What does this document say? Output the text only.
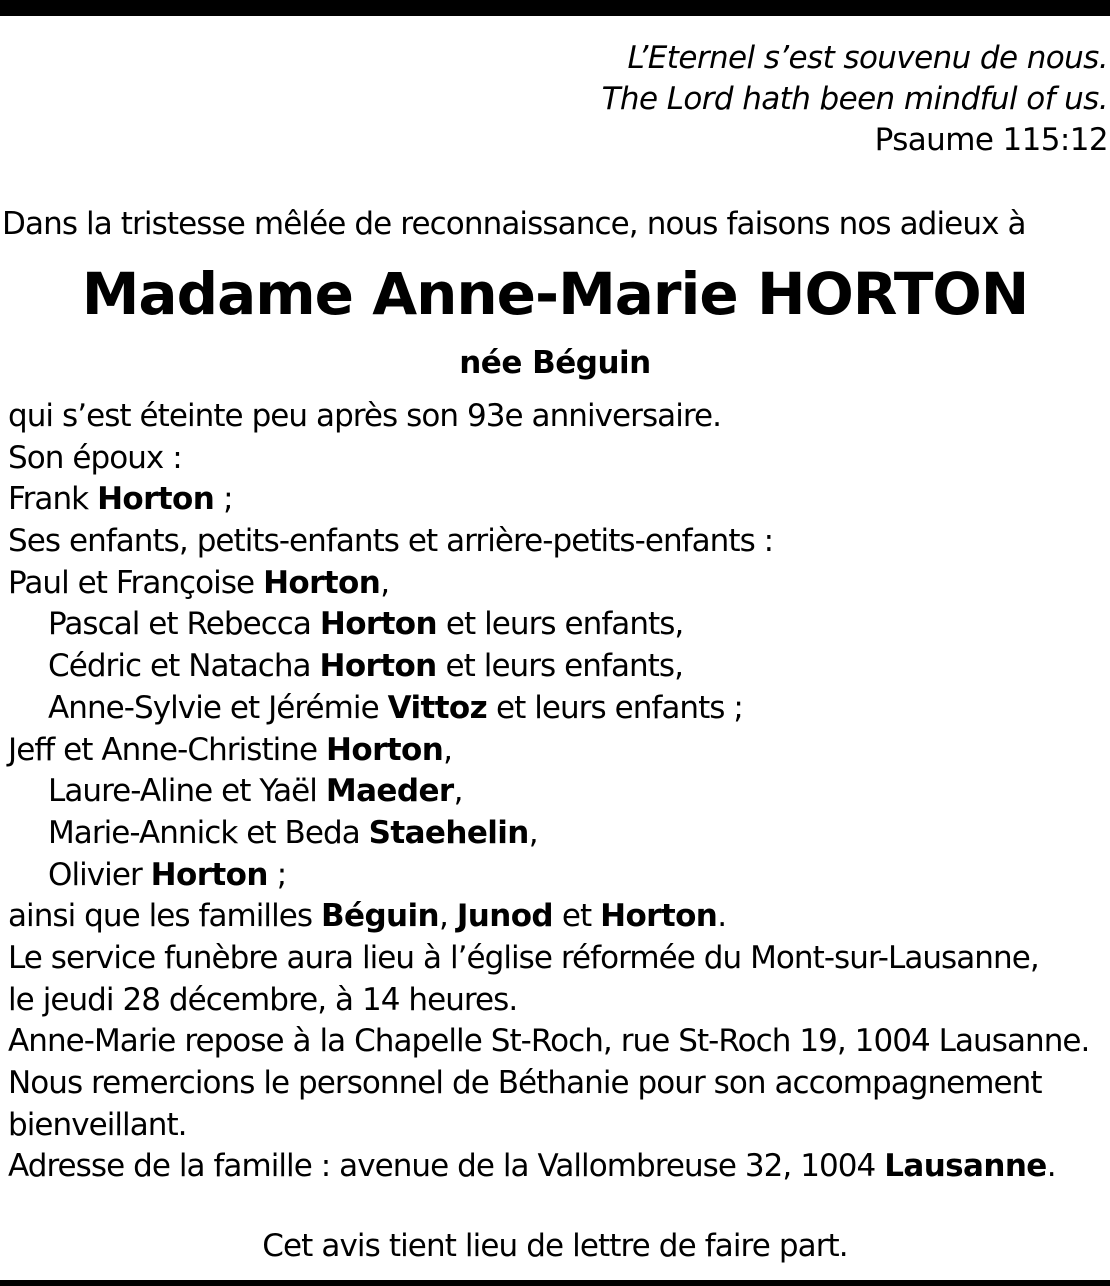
L’Eternel s’est souvenu de nous.
The Lord hath been mindful of us.
Psaume 115:12
Dans la tristesse mêlée de reconnaissance, nous faisons nos adieux à
Madame Anne-Marie HORTON
née Béguin
qui s’est éteinte peu après son 93e anniversaire.
Son époux :
Frank Horton ;
Ses enfants, petits-enfants et arrière-petits-enfants :
Paul et Françoise Horton,
Pascal et Rebecca Horton et leurs enfants,
Cédric et Natacha Horton et leurs enfants,
Anne-Sylvie et Jérémie Vittoz et leurs enfants ;
Jeff et Anne-Christine Horton,
Laure-Aline et Yaël Maeder,
Marie-Annick et Beda Staehelin,
Olivier Horton ;
ainsi que les familles Béguin, Junod et Horton.
Le service funèbre aura lieu à l’église réformée du Mont-sur-Lausanne,
le jeudi 28 décembre, à 14 heures.
Anne-Marie repose à la Chapelle St-Roch, rue St-Roch 19, 1004 Lausanne.
Nous remercions le personnel de Béthanie pour son accompagnement
bienveillant.
Adresse de la famille : avenue de la Vallombreuse 32, 1004 Lausanne.
Cet avis tient lieu de lettre de faire part.
